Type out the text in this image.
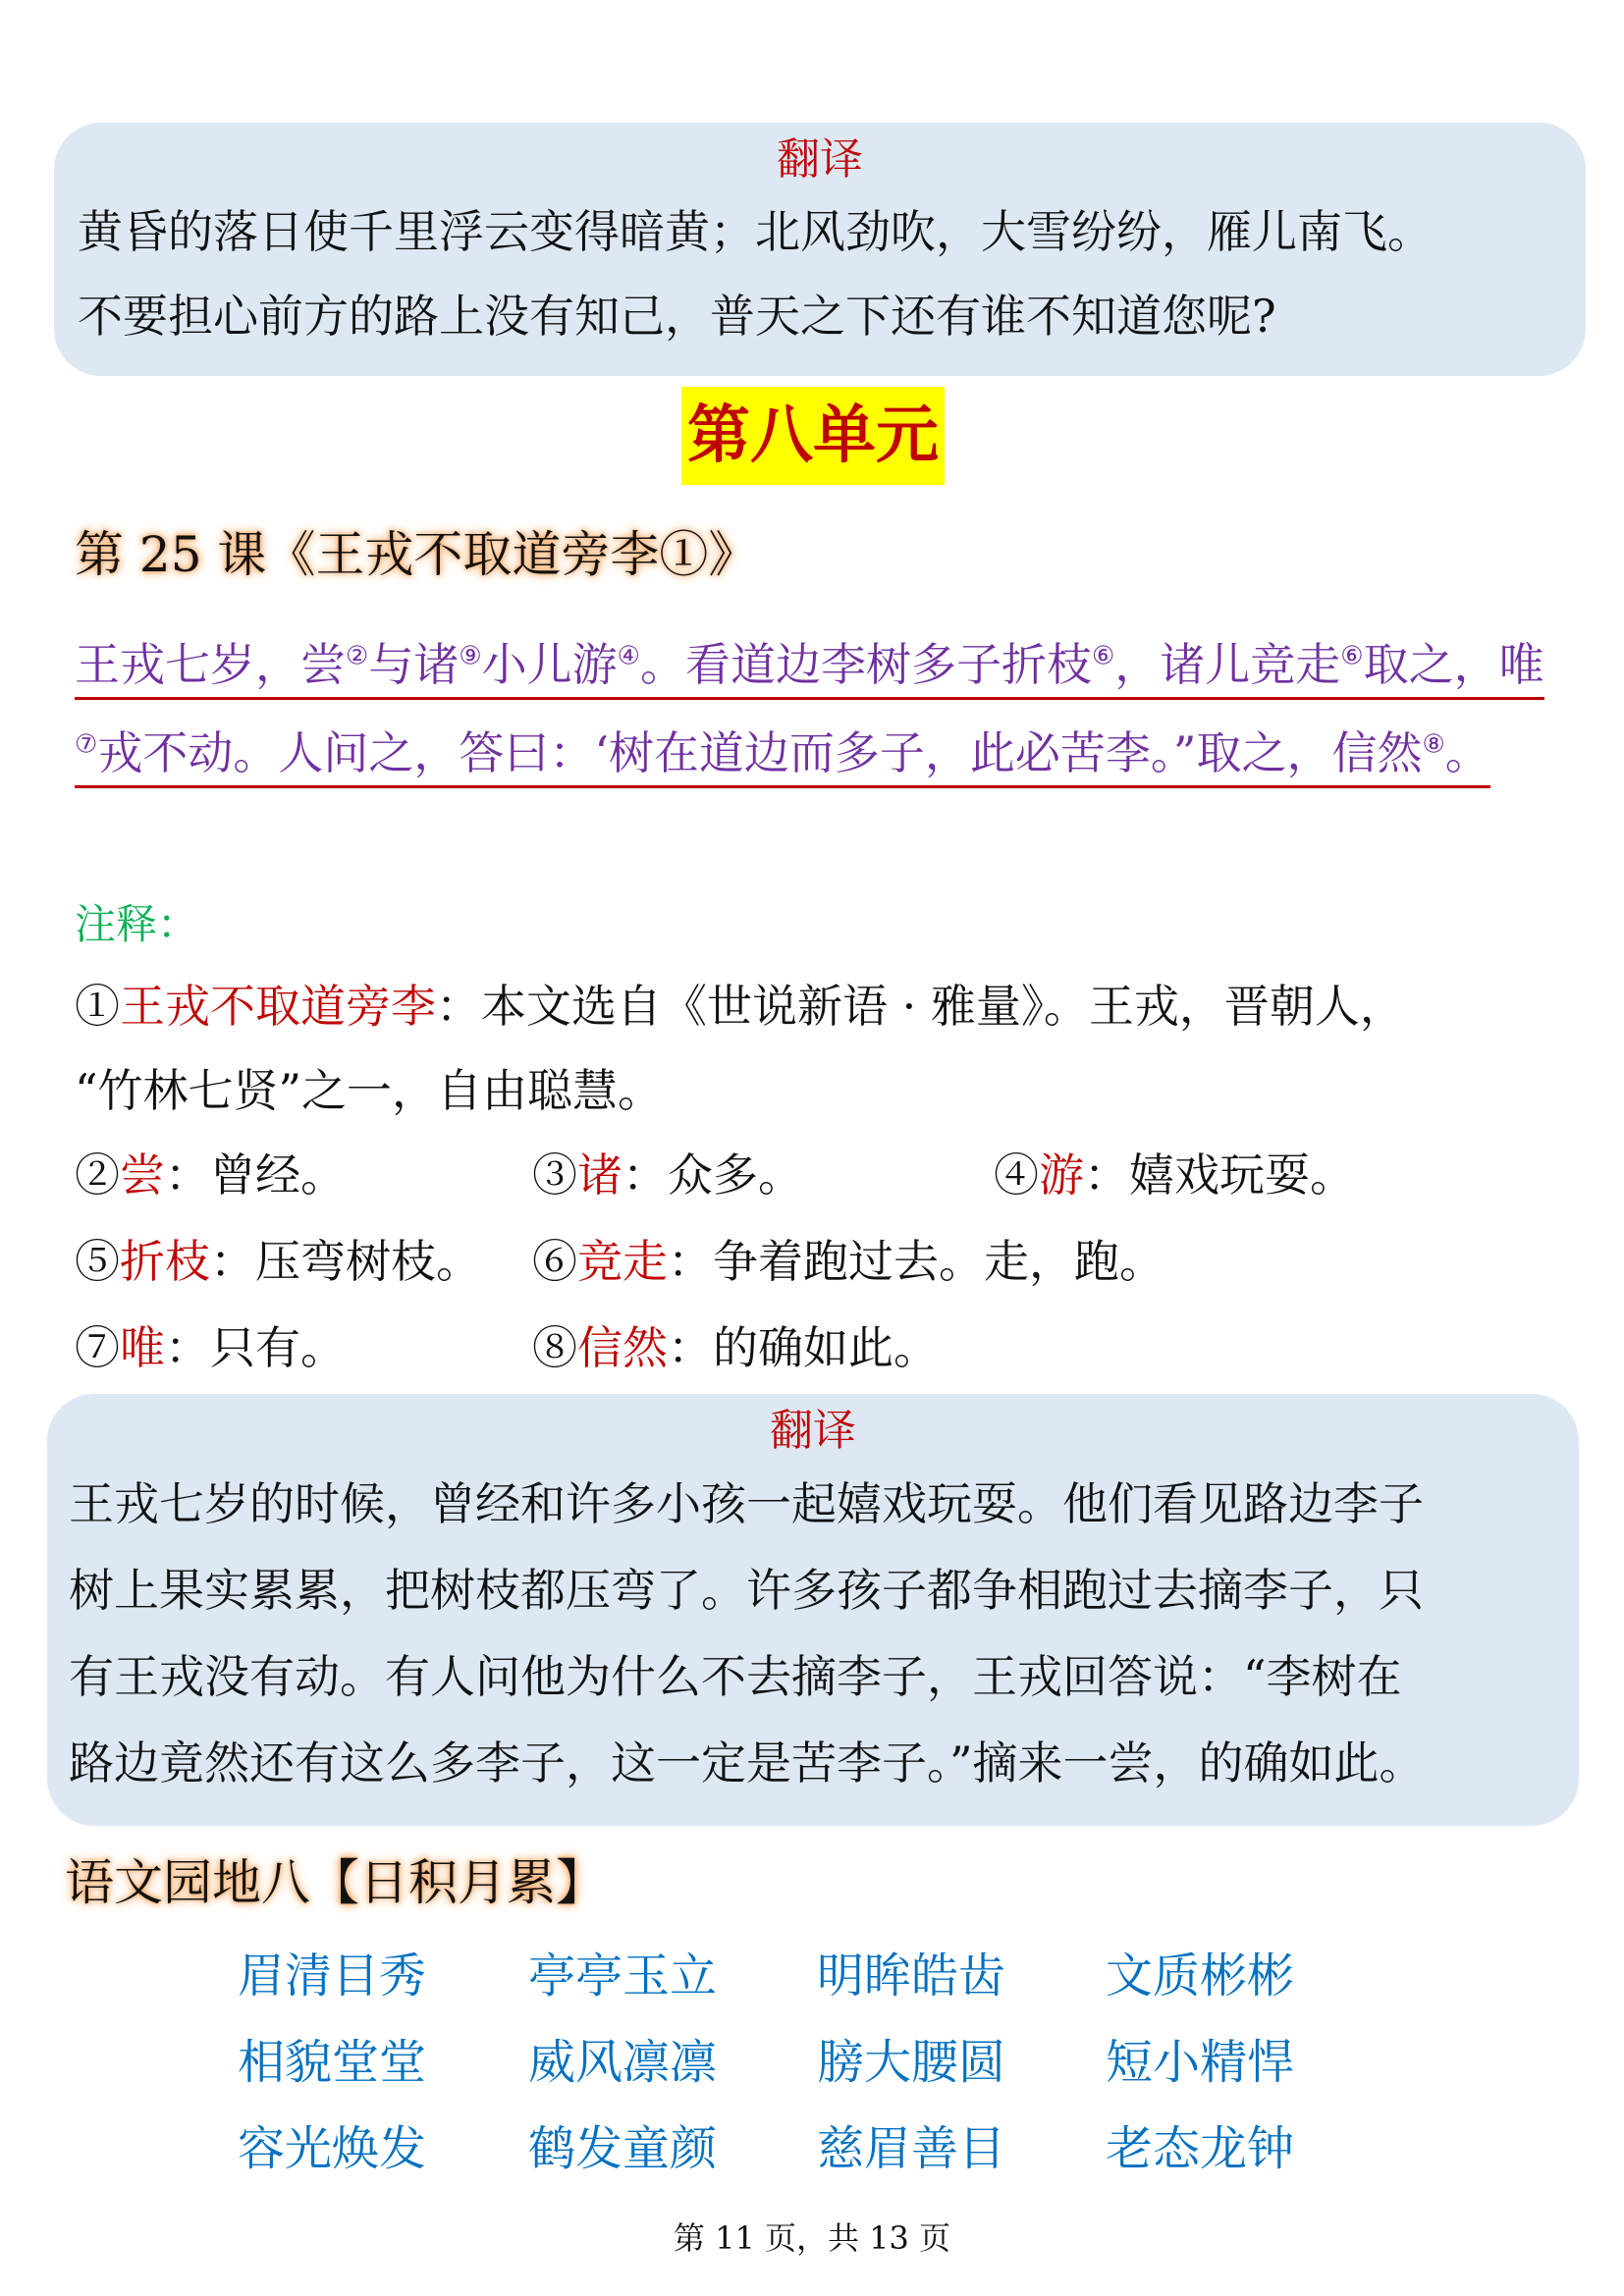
翻译
黄昏的落日使千里浮云变得暗黄；北风劲吹，大雪纷纷，雁儿南飞。
不要担心前方的路上没有知己，普天之下还有谁不知道您呢?
第八单元
第 25 课《王戎不取道旁李①》
王戎七岁，尝②与诸⑨小儿游④。看道边李树多子折枝⑥，诸儿竞走⑥取之，唯⑦戎不动。人问之，答曰：‘树在道边而多子，此必苦李。”取之，信然⑧。
注释：
①王戎不取道旁李：本文选自《世说新语 · 雅量》。王戎，晋朝人，
“竹林七贤”之一，自由聪慧。
②尝：曾经。	③诸：众多。	④游：嬉戏玩耍。
⑤折枝：压弯树枝。 ⑥竞走：争着跑过去。走，跑。
⑦唯：只有。	⑧信然：的确如此。
翻译
王戎七岁的时候，曾经和许多小孩一起嬉戏玩耍。他们看见路边李子
树上果实累累，把树枝都压弯了。许多孩子都争相跑过去摘李子，只
有王戎没有动。有人问他为什么不去摘李子，王戎回答说：“李树在
路边竟然还有这么多李子，这一定是苦李子。”摘来一尝，的确如此。
语文园地八【日积月累】
眉清目秀 亭亭玉立 明眸皓齿 文质彬彬
相貌堂堂 威风凛凛 膀大腰圆 短小精悍
容光焕发 鹤发童颜 慈眉善目 老态龙钟
第 11 页，共 13 页
